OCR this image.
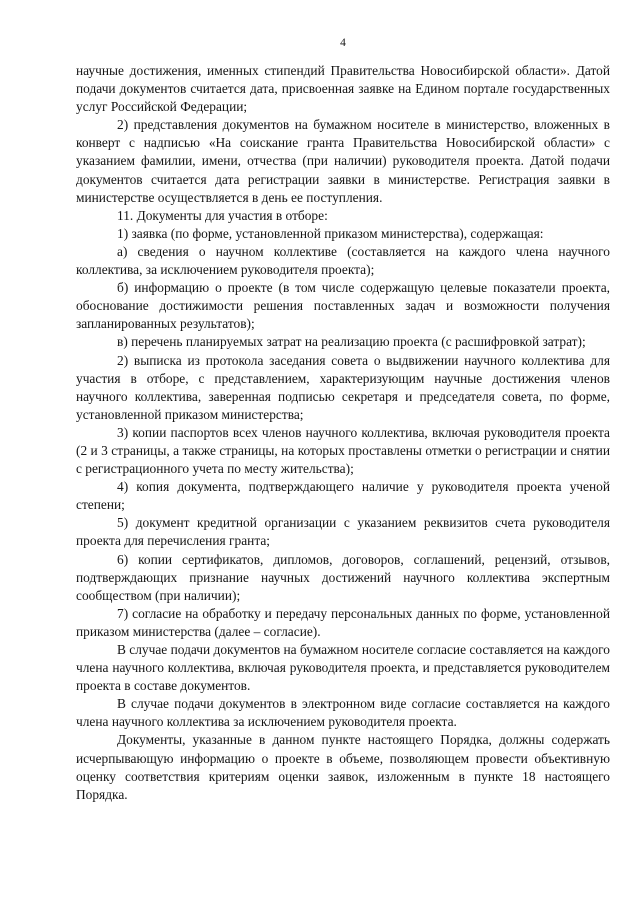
4

научные достижения, именных стипендий Правительства Новосибирской области». Датой подачи документов считается дата, присвоенная заявке на Едином портале государственных услуг Российской Федерации;

2) представления документов на бумажном носителе в министерство, вложенных в конверт с надписью «На соискание гранта Правительства Новосибирской области» с указанием фамилии, имени, отчества (при наличии) руководителя проекта. Датой подачи документов считается дата регистрации заявки в министерстве. Регистрация заявки в министерстве осуществляется в день ее поступления.

11. Документы для участия в отборе:

1) заявка (по форме, установленной приказом министерства), содержащая:

а) сведения о научном коллективе (составляется на каждого члена научного коллектива, за исключением руководителя проекта);

б) информацию о проекте (в том числе содержащую целевые показатели проекта, обоснование достижимости решения поставленных задач и возможности получения запланированных результатов);

в) перечень планируемых затрат на реализацию проекта (с расшифровкой затрат);

2) выписка из протокола заседания совета о выдвижении научного коллектива для участия в отборе, с представлением, характеризующим научные достижения членов научного коллектива, заверенная подписью секретаря и председателя совета, по форме, установленной приказом министерства;

3) копии паспортов всех членов научного коллектива, включая руководителя проекта (2 и 3 страницы, а также страницы, на которых проставлены отметки о регистрации и снятии с регистрационного учета по месту жительства);

4) копия документа, подтверждающего наличие у руководителя проекта ученой степени;

5) документ кредитной организации с указанием реквизитов счета руководителя проекта для перечисления гранта;

6) копии сертификатов, дипломов, договоров, соглашений, рецензий, отзывов, подтверждающих признание научных достижений научного коллектива экспертным сообществом (при наличии);

7) согласие на обработку и передачу персональных данных по форме, установленной приказом министерства (далее – согласие).

В случае подачи документов на бумажном носителе согласие составляется на каждого члена научного коллектива, включая руководителя проекта, и представляется руководителем проекта в составе документов.

В случае подачи документов в электронном виде согласие составляется на каждого члена научного коллектива за исключением руководителя проекта.

Документы, указанные в данном пункте настоящего Порядка, должны содержать исчерпывающую информацию о проекте в объеме, позволяющем провести объективную оценку соответствия критериям оценки заявок, изложенным в пункте 18 настоящего Порядка.
